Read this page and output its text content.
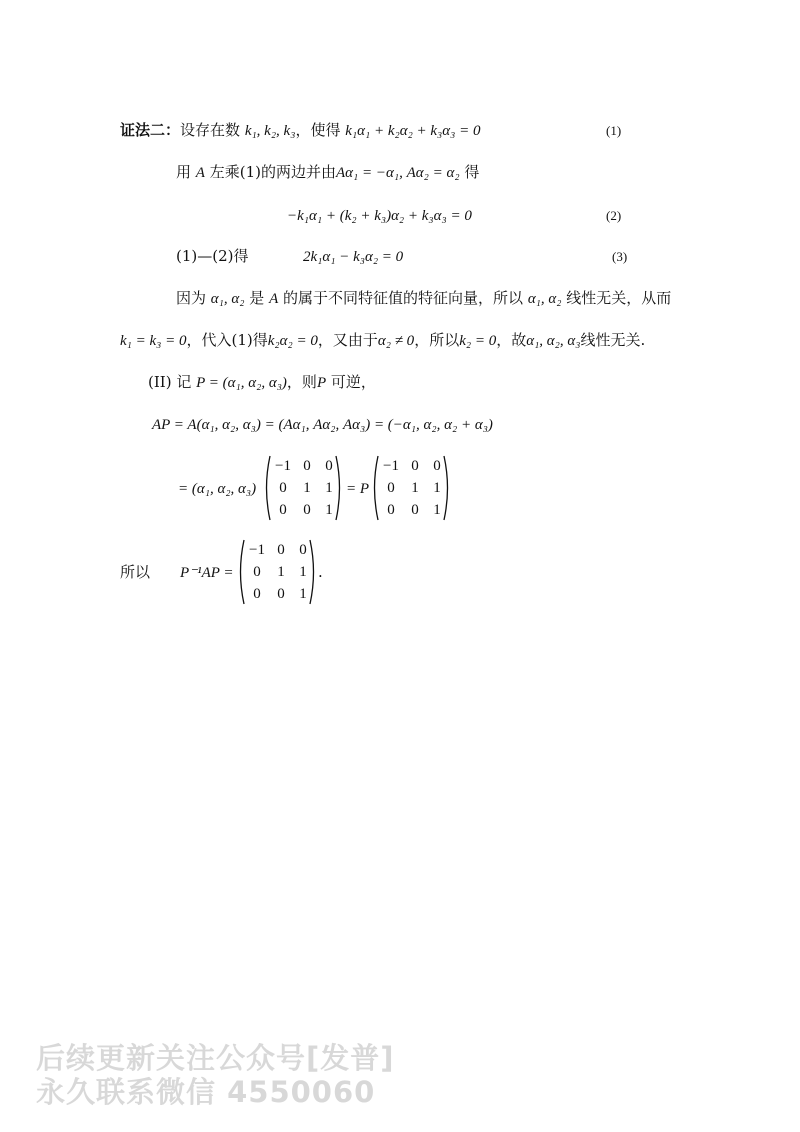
证法二：设存在数 k₁, k₂, k₃，使得 k₁α₁ + k₂α₂ + k₃α₃ = 0	(1)
用 A 左乘(1)的两边并由Aα₁ = −α₁, Aα₂ = α₂ 得
−k₁α₁ + (k₂ + k₃)α₂ + k₃α₃ = 0	(2)
(1)—(2)得	2k₁α₁ − k₃α₂ = 0	(3)
因为 α₁, α₂ 是 A 的属于不同特征值的特征向量，所以 α₁, α₂ 线性无关，从而
k₁ = k₃ = 0，代入(1)得k₂α₂ = 0，又由于α₂ ≠ 0，所以k₂ = 0，故α₁, α₂, α₃线性无关.
(II) 记 P = (α₁, α₂, α₃)，则P 可逆，
AP = A(α₁, α₂, α₃) = (Aα₁, Aα₂, Aα₃) = (−α₁, α₂, α₂ + α₃)
= (α₁, α₂, α₃)
−1 0 0
0	1 1
0	0 1
= P
−1 0 0
0	1 1
0	0 1
所以 P⁻¹AP =
−1 0 0
0	1 1
0	0 1
.
后续更新关注公众号[发普]
永久联系微信 4550060
